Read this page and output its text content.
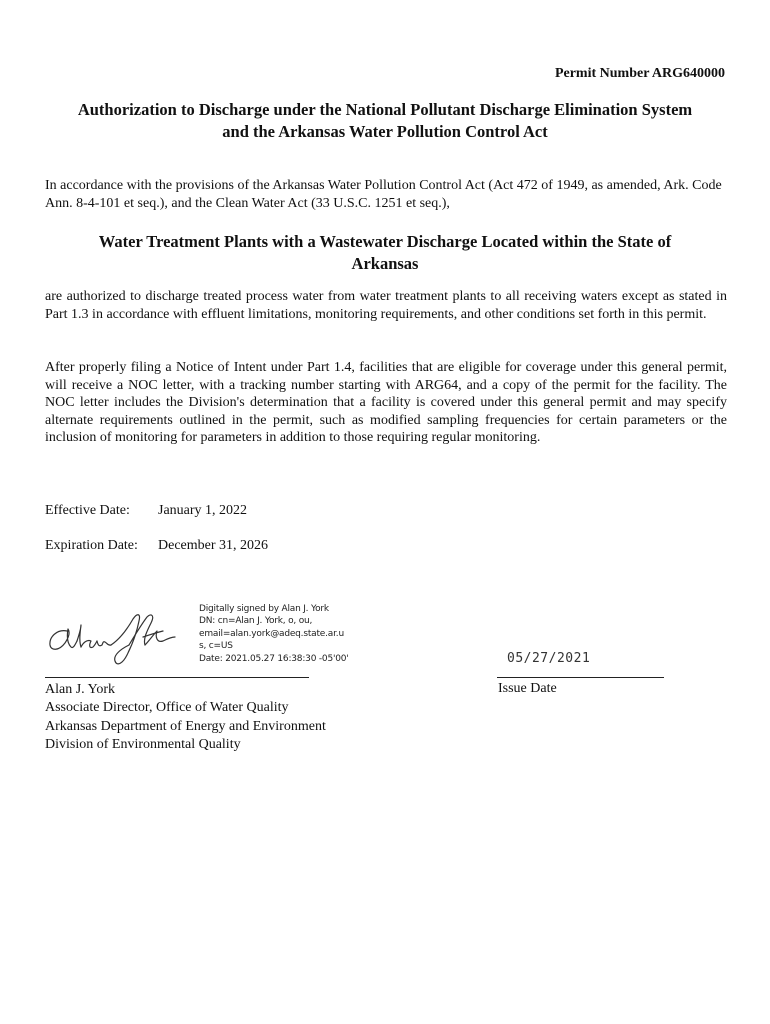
Permit Number ARG640000
Authorization to Discharge under the National Pollutant Discharge Elimination System
and the Arkansas Water Pollution Control Act
In accordance with the provisions of the Arkansas Water Pollution Control Act (Act 472 of 1949, as amended, Ark. Code Ann. 8-4-101 et seq.), and the Clean Water Act (33 U.S.C. 1251 et seq.),
Water Treatment Plants with a Wastewater Discharge Located within the State of
Arkansas
are authorized to discharge treated process water from water treatment plants to all receiving waters except as stated in Part 1.3 in accordance with effluent limitations, monitoring requirements, and other conditions set forth in this permit.
After properly filing a Notice of Intent under Part 1.4, facilities that are eligible for coverage under this general permit, will receive a NOC letter, with a tracking number starting with ARG64, and a copy of the permit for the facility. The NOC letter includes the Division's determination that a facility is covered under this general permit and may specify alternate requirements outlined in the permit, such as modified sampling frequencies for certain parameters or the inclusion of monitoring for parameters in addition to those requiring regular monitoring.
Effective Date: January 1, 2022
Expiration Date: December 31, 2026
Digitally signed by Alan J. York
DN: cn=Alan J. York, o, ou,
email=alan.york@adeq.state.ar.u
s, c=US
Date: 2021.05.27 16:38:30 -05'00'	05/27/2021
Alan J. York
Associate Director, Office of Water Quality
Arkansas Department of Energy and Environment
Division of Environmental Quality
Issue Date
